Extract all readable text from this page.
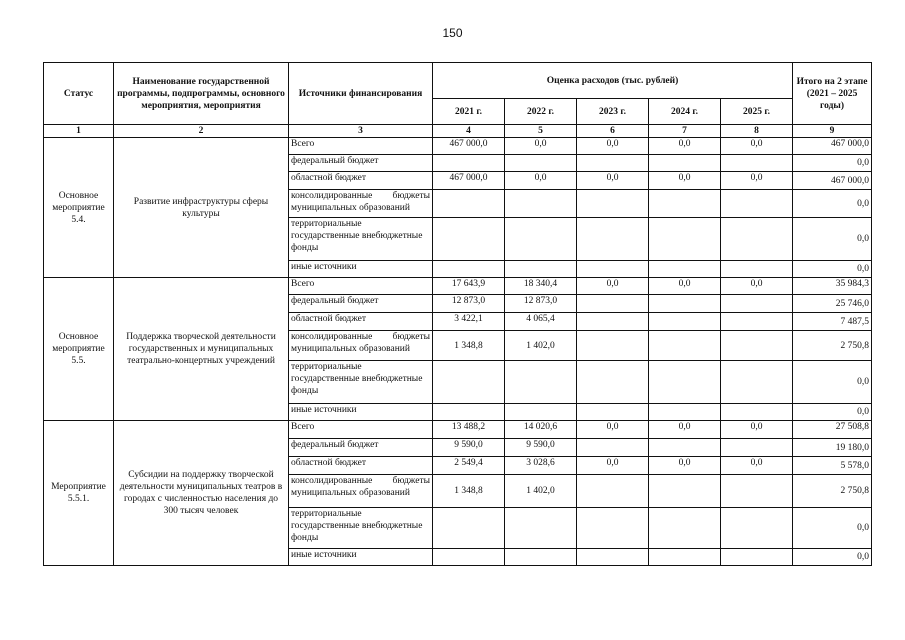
150
Статус	Наименование государственной программы, подпрограммы, основного мероприятия, мероприятия	Источники финансирования	Оценка расходов (тыс. рублей)					Итого на 2 этапе (2021 – 2025 годы)
			2021 г.	2022 г.	2023 г.	2024 г.	2025 г.	
1	2	3	4	5	6	7	8	9
Основное мероприятие 5.4.	Развитие инфраструктуры сферы культуры	Всего	467 000,0	0,0	0,0	0,0	0,0	467 000,0
		федеральный бюджет						0,0
		областной бюджет	467 000,0	0,0	0,0	0,0	0,0	467 000,0
		консолидированные бюджеты муниципальных образований						0,0
		территориальные государственные внебюджетные фонды						0,0
		иные источники						0,0
Основное мероприятие 5.5.	Поддержка творческой деятельности государственных и муниципальных театрально-концертных учреждений	Всего	17 643,9	18 340,4	0,0	0,0	0,0	35 984,3
		федеральный бюджет	12 873,0	12 873,0				25 746,0
		областной бюджет	3 422,1	4 065,4				7 487,5
		консолидированные бюджеты муниципальных образований	1 348,8	1 402,0				2 750,8
		территориальные государственные внебюджетные фонды						0,0
		иные источники						0,0
Мероприятие 5.5.1.	Субсидии на поддержку творческой деятельности муниципальных театров в городах с численностью населения до 300 тысяч человек	Всего	13 488,2	14 020,6	0,0	0,0	0,0	27 508,8
		федеральный бюджет	9 590,0	9 590,0				19 180,0
		областной бюджет	2 549,4	3 028,6	0,0	0,0	0,0	5 578,0
		консолидированные бюджеты муниципальных образований	1 348,8	1 402,0				2 750,8
		территориальные государственные внебюджетные фонды						0,0
		иные источники						0,0
